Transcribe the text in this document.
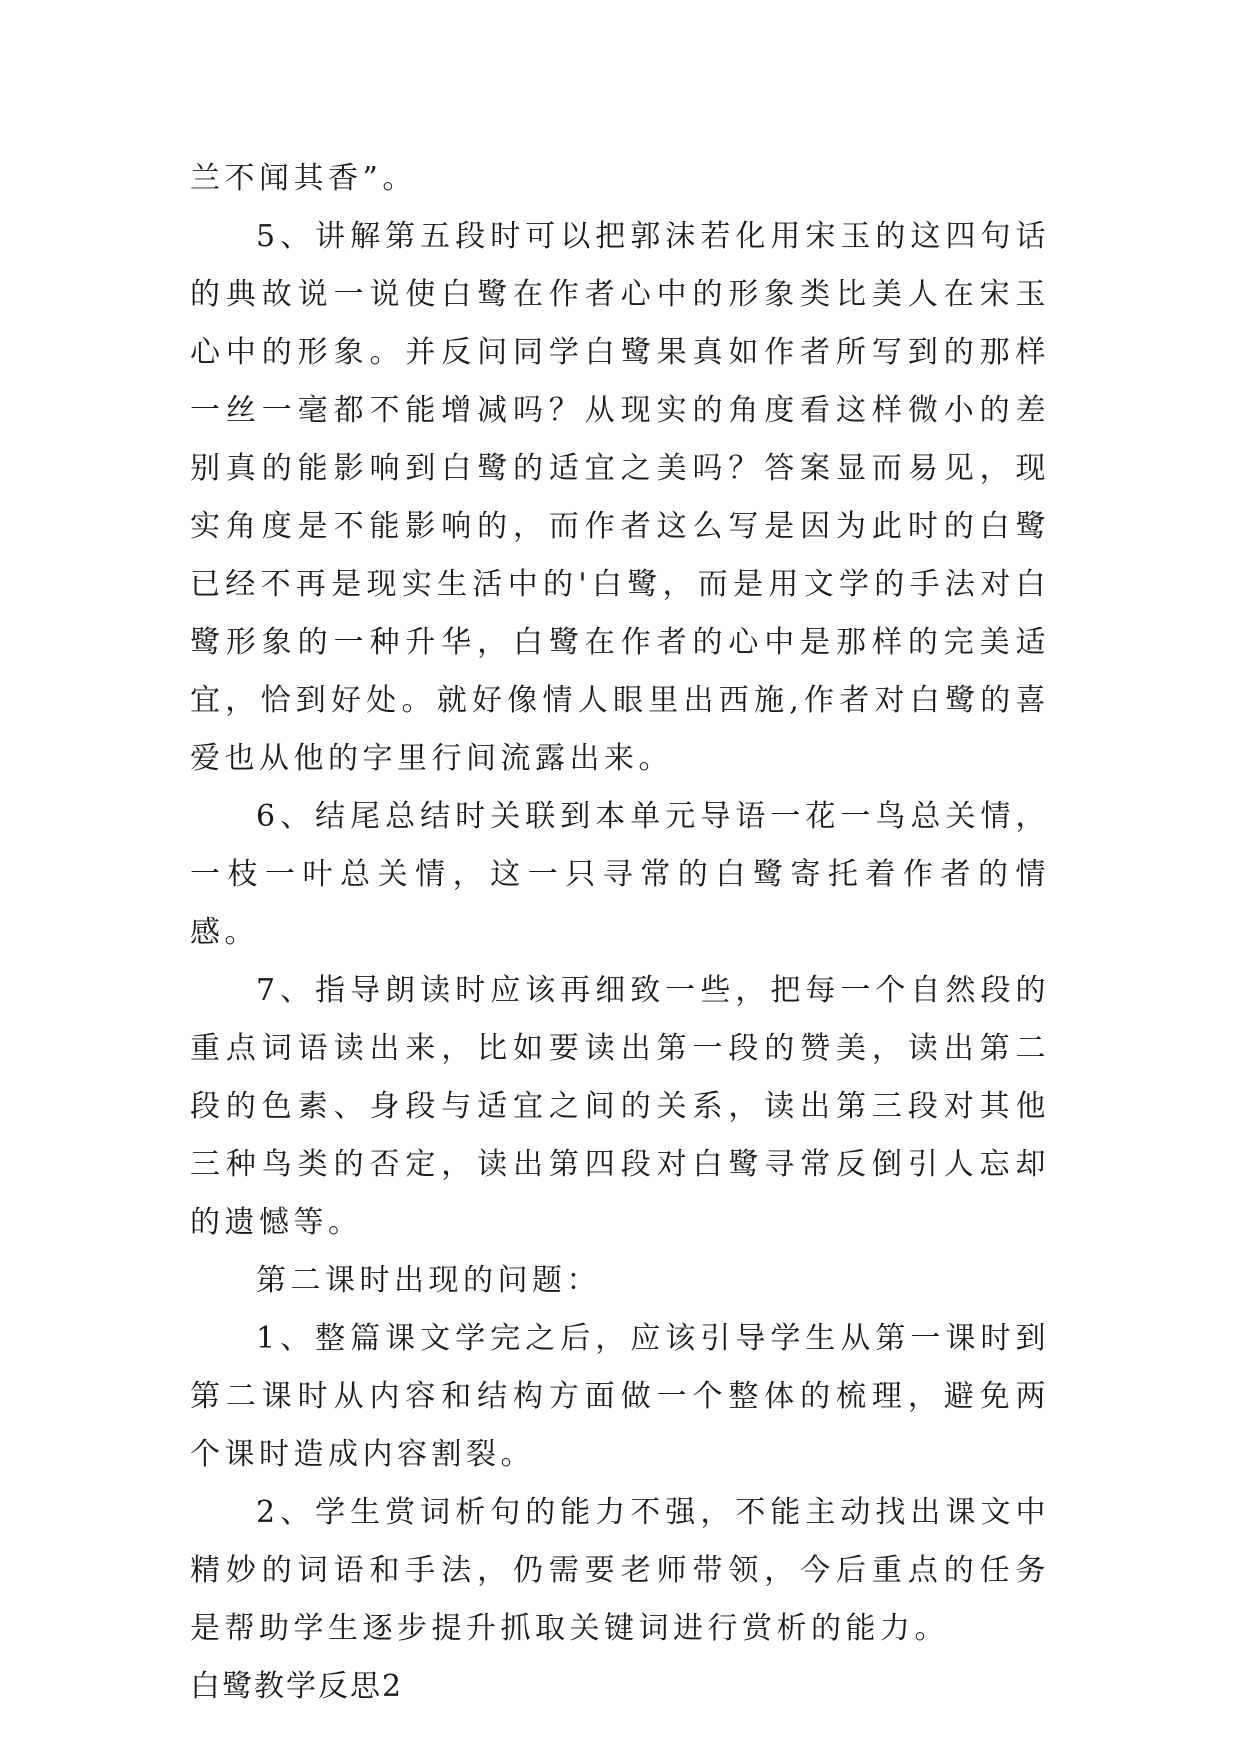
兰不闻其香”。

5、讲解第五段时可以把郭沫若化用宋玉的这四句话的典故说一说使白鹭在作者心中的形象类比美人在宋玉心中的形象。并反问同学白鹭果真如作者所写到的那样一丝一毫都不能增减吗？从现实的角度看这样微小的差别真的能影响到白鹭的适宜之美吗？答案显而易见，现实角度是不能影响的，而作者这么写是因为此时的白鹭已经不再是现实生活中的'白鹭，而是用文学的手法对白鹭形象的一种升华，白鹭在作者的心中是那样的完美适宜，恰到好处。就好像情人眼里出西施,作者对白鹭的喜爱也从他的字里行间流露出来。

6、结尾总结时关联到本单元导语一花一鸟总关情，一枝一叶总关情，这一只寻常的白鹭寄托着作者的情感。

7、指导朗读时应该再细致一些，把每一个自然段的重点词语读出来，比如要读出第一段的赞美，读出第二段的色素、身段与适宜之间的关系，读出第三段对其他三种鸟类的否定，读出第四段对白鹭寻常反倒引人忘却的遗憾等。

第二课时出现的问题：

1、整篇课文学完之后，应该引导学生从第一课时到第二课时从内容和结构方面做一个整体的梳理，避免两个课时造成内容割裂。

2、学生赏词析句的能力不强，不能主动找出课文中精妙的词语和手法，仍需要老师带领，今后重点的任务是帮助学生逐步提升抓取关键词进行赏析的能力。

白鹭教学反思2
